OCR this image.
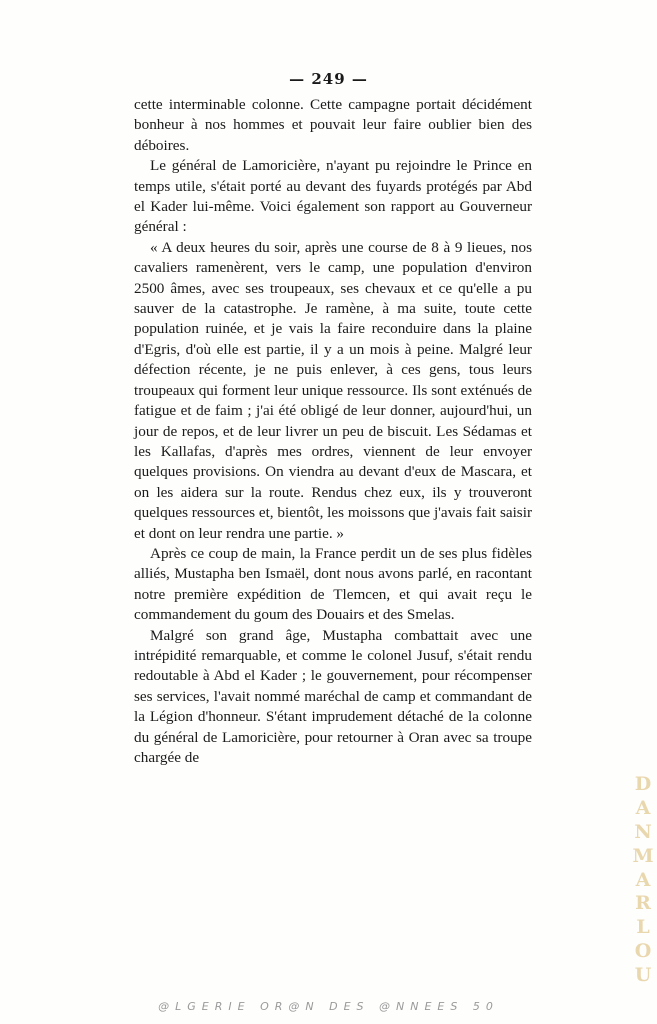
— 249 —

cette interminable colonne. Cette campagne portait décidément bonheur à nos hommes et pouvait leur faire oublier bien des déboires.

Le général de Lamoricière, n'ayant pu rejoindre le Prince en temps utile, s'était porté au devant des fuyards protégés par Abd el Kader lui-même. Voici également son rapport au Gouverneur général :

« A deux heures du soir, après une course de 8 à 9 lieues, nos cavaliers ramenèrent, vers le camp, une population d'environ 2500 âmes, avec ses troupeaux, ses chevaux et ce qu'elle a pu sauver de la catastrophe. Je ramène, à ma suite, toute cette population ruinée, et je vais la faire reconduire dans la plaine d'Egris, d'où elle est partie, il y a un mois à peine. Malgré leur défection récente, je ne puis enlever, à ces gens, tous leurs troupeaux qui forment leur unique ressource. Ils sont exténués de fatigue et de faim ; j'ai été obligé de leur donner, aujourd'hui, un jour de repos, et de leur livrer un peu de biscuit. Les Sédamas et les Kallafas, d'après mes ordres, viennent de leur envoyer quelques provisions. On viendra au devant d'eux de Mascara, et on les aidera sur la route. Rendus chez eux, ils y trouveront quelques ressources et, bientôt, les moissons que j'avais fait saisir et dont on leur rendra une partie. »

Après ce coup de main, la France perdit un de ses plus fidèles alliés, Mustapha ben Ismaël, dont nous avons parlé, en racontant notre première expédition de Tlemcen, et qui avait reçu le commandement du goum des Douairs et des Smelas.

Malgré son grand âge, Mustapha combattait avec une intrépidité remarquable, et comme le colonel Jusuf, s'était rendu redoutable à Abd el Kader ; le gouvernement, pour récompenser ses services, l'avait nommé maréchal de camp et commandant de la Légion d'honneur. S'étant imprudement détaché de la colonne du général de Lamoricière, pour retourner à Oran avec sa troupe chargée de

D
A
N
M
A
R
L
O
U
@LGERIE OR@N DES @NNEES 50
